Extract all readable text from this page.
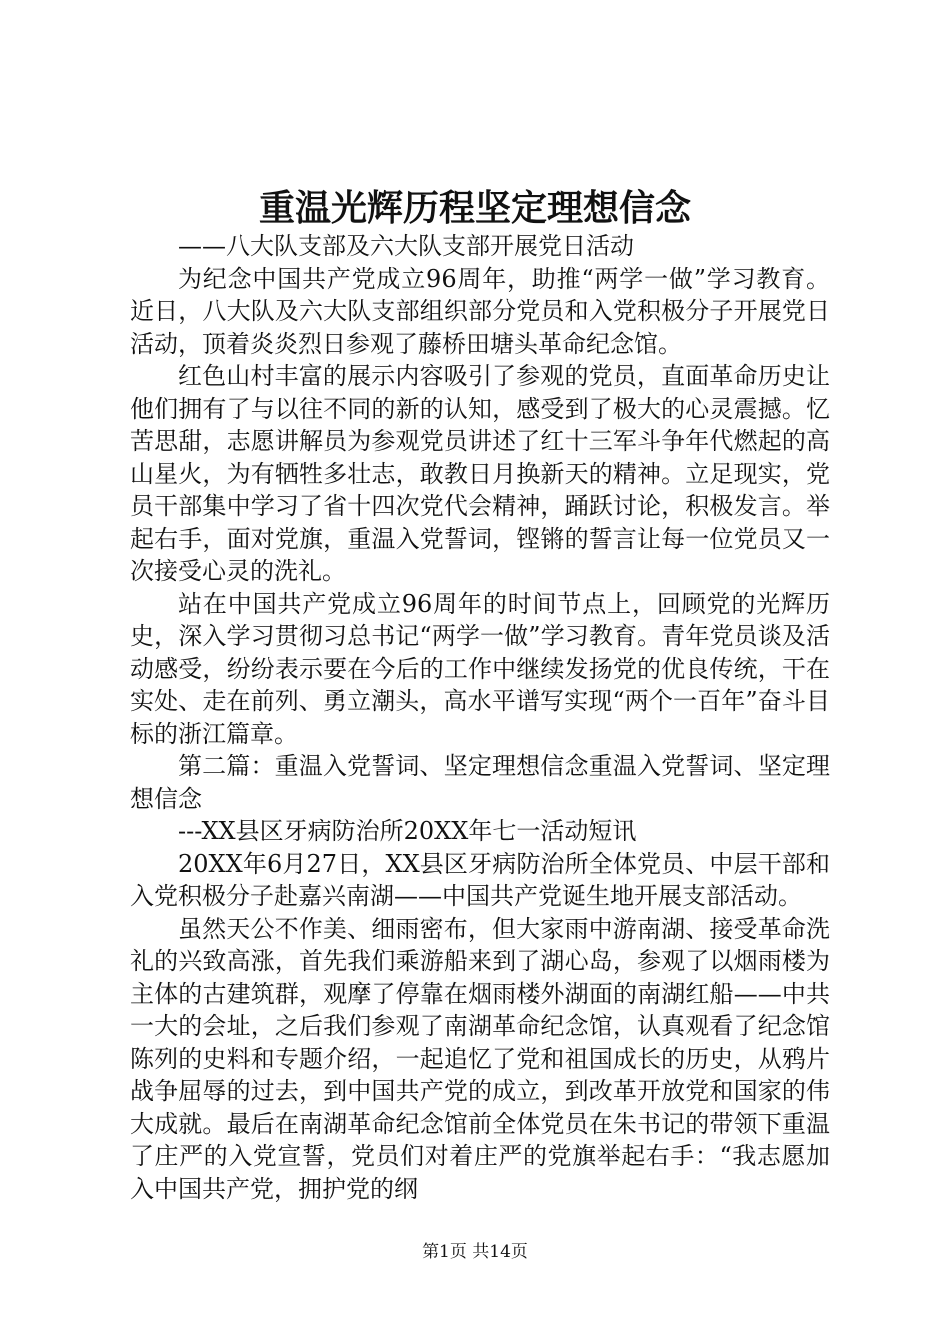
重温光辉历程坚定理想信念

——八大队支部及六大队支部开展党日活动

为纪念中国共产党成立96周年，助推“两学一做”学习教育。近日，八大队及六大队支部组织部分党员和入党积极分子开展党日活动，顶着炎炎烈日参观了藤桥田塘头革命纪念馆。

红色山村丰富的展示内容吸引了参观的党员，直面革命历史让他们拥有了与以往不同的新的认知，感受到了极大的心灵震撼。忆苦思甜，志愿讲解员为参观党员讲述了红十三军斗争年代燃起的高山星火，为有牺牲多壮志，敢教日月换新天的精神。立足现实，党员干部集中学习了省十四次党代会精神，踊跃讨论，积极发言。举起右手，面对党旗，重温入党誓词，铿锵的誓言让每一位党员又一次接受心灵的洗礼。

站在中国共产党成立96周年的时间节点上，回顾党的光辉历史，深入学习贯彻习总书记“两学一做”学习教育。青年党员谈及活动感受，纷纷表示要在今后的工作中继续发扬党的优良传统，干在实处、走在前列、勇立潮头，高水平谱写实现“两个一百年”奋斗目标的浙江篇章。

第二篇：重温入党誓词、坚定理想信念重温入党誓词、坚定理想信念

---XX县区牙病防治所20XX年七一活动短讯

20XX年6月27日，XX县区牙病防治所全体党员、中层干部和入党积极分子赴嘉兴南湖——中国共产党诞生地开展支部活动。

虽然天公不作美、细雨密布，但大家雨中游南湖、接受革命洗礼的兴致高涨，首先我们乘游船来到了湖心岛，参观了以烟雨楼为主体的古建筑群，观摩了停靠在烟雨楼外湖面的南湖红船——中共一大的会址，之后我们参观了南湖革命纪念馆，认真观看了纪念馆陈列的史料和专题介绍，一起追忆了党和祖国成长的历史，从鸦片战争屈辱的过去，到中国共产党的成立，到改革开放党和国家的伟大成就。最后在南湖革命纪念馆前全体党员在朱书记的带领下重温了庄严的入党宣誓，党员们对着庄严的党旗举起右手：“我志愿加入中国共产党，拥护党的纲

第1页 共14页
